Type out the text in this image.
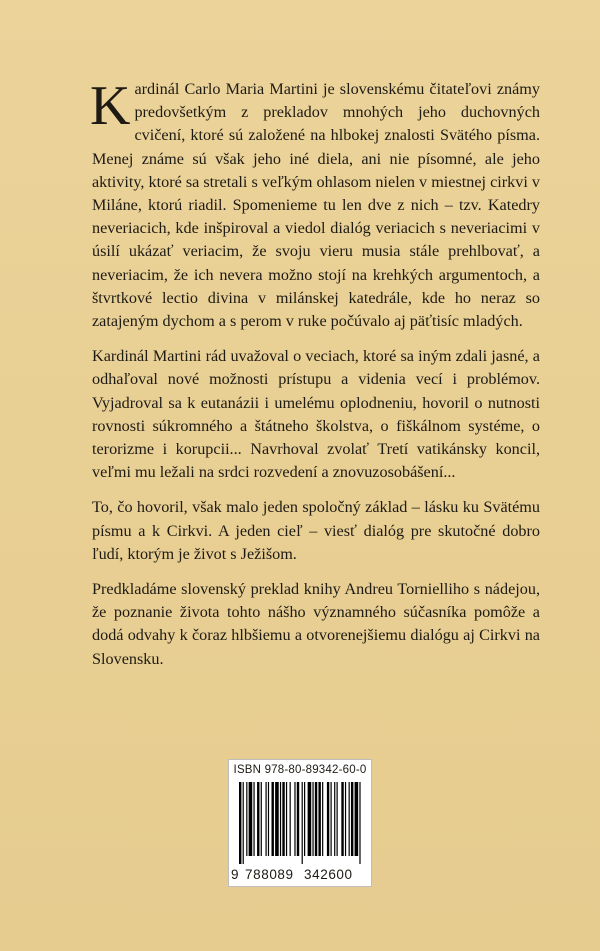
Kardinál Carlo Maria Martini je slovenskému čitateľovi známy predovšetkým z prekladov mnohých jeho duchovných cvičení, ktoré sú založené na hlbokej znalosti Svätého písma. Menej známe sú však jeho iné diela, ani nie písomné, ale jeho aktivity, ktoré sa stretali s veľkým ohlasom nielen v miestnej cirkvi v Miláne, ktorú riadil. Spomenieme tu len dve z nich – tzv. Katedry neveriacich, kde inšpiroval a viedol dialóg veriacich s neveriacimi v úsilí ukázať veriacim, že svoju vieru musia stále prehlbovať, a neveriacim, že ich nevera možno stojí na krehkých argumentoch, a štvrtkové lectio divina v milánskej katedrále, kde ho neraz so zatajeným dychom a s perom v ruke počúvalo aj päťtisíc mladých.

Kardinál Martini rád uvažoval o veciach, ktoré sa iným zdali jasné, a odhaľoval nové možnosti prístupu a videnia vecí i problémov. Vyjadroval sa k eutanázii i umelému oplodneniu, hovoril o nutnosti rovnosti súkromného a štátneho školstva, o fiškálnom systéme, o terorizme i korupcii... Navrhoval zvolať Tretí vatikánsky koncil, veľmi mu ležali na srdci rozvedení a znovuzosobášení...

To, čo hovoril, však malo jeden spoločný základ – lásku ku Svätému písmu a k Cirkvi. A jeden cieľ – viesť dialóg pre skutočné dobro ľudí, ktorým je život s Ježišom.

Predkladáme slovenský preklad knihy Andreu Tornielliho s nádejou, že poznanie života tohto nášho významného súčasníka pomôže a dodá odvahy k čoraz hlbšiemu a otvorenejšiemu dialógu aj Cirkvi na Slovensku.

ISBN 978-80-89342-60-0
9 788089 342600
